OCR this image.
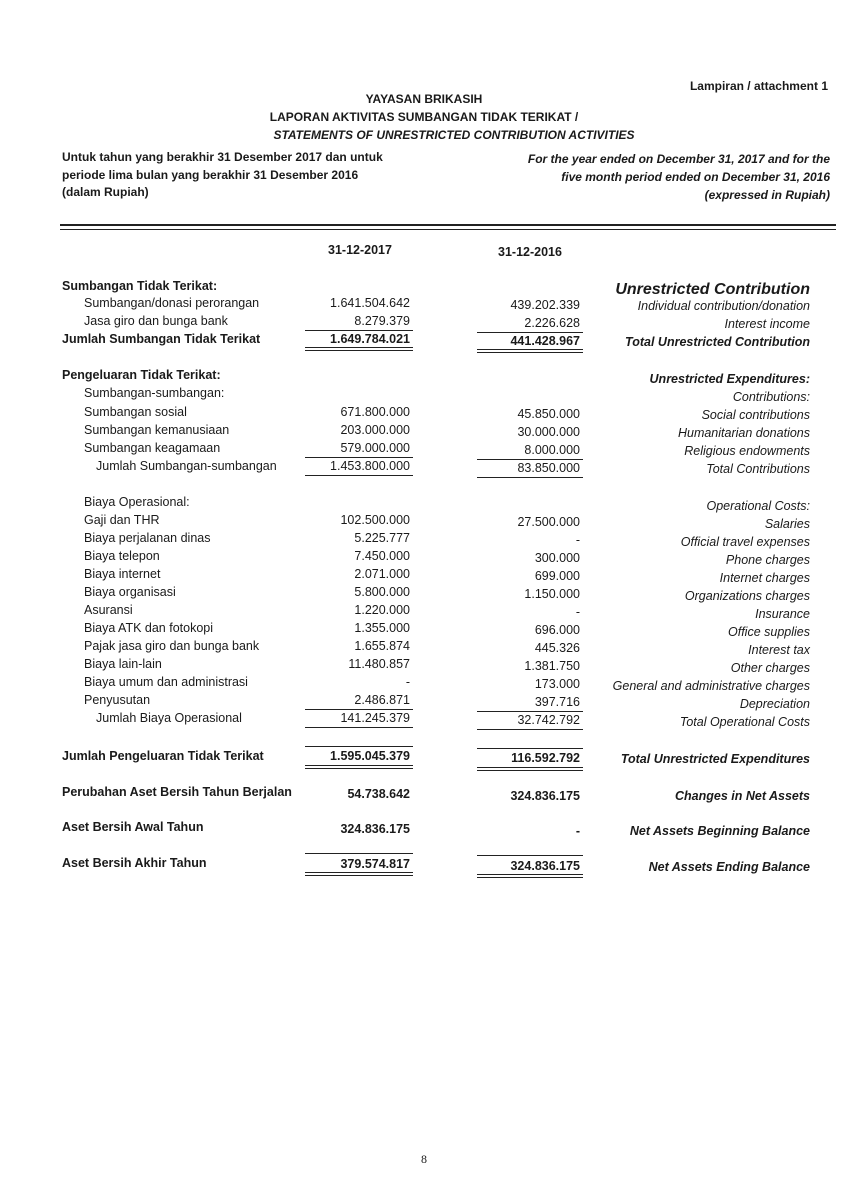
Lampiran / attachment 1
YAYASAN BRIKASIH
LAPORAN AKTIVITAS SUMBANGAN TIDAK TERIKAT /
STATEMENTS OF UNRESTRICTED CONTRIBUTION ACTIVITIES
Untuk tahun yang berakhir 31 Desember 2017 dan untuk
periode lima bulan yang berakhir 31 Desember 2016
(dalam Rupiah)
For the year ended on December 31, 2017 and for the
five month period ended on December 31, 2016
(expressed in Rupiah)
31-12-2017	31-12-2016
Sumbangan Tidak Terikat:	Unrestricted Contribution
Sumbangan/donasi perorangan	1.641.504.642	439.202.339	Individual contribution/donation
Jasa giro dan bunga bank	8.279.379	2.226.628	Interest income
Jumlah Sumbangan Tidak Terikat	1.649.784.021	441.428.967	Total Unrestricted Contribution
Pengeluaran Tidak Terikat:	Unrestricted Expenditures:
Sumbangan-sumbangan:	Contributions:
Sumbangan sosial	671.800.000	45.850.000	Social contributions
Sumbangan kemanusiaan	203.000.000	30.000.000	Humanitarian donations
Sumbangan keagamaan	579.000.000	8.000.000	Religious endowments
Jumlah Sumbangan-sumbangan	1.453.800.000	83.850.000	Total Contributions
Biaya Operasional:	Operational Costs:
Gaji dan THR	102.500.000	27.500.000	Salaries
Biaya perjalanan dinas	5.225.777	-	Official travel expenses
Biaya telepon	7.450.000	300.000	Phone charges
Biaya internet	2.071.000	699.000	Internet charges
Biaya organisasi	5.800.000	1.150.000	Organizations charges
Asuransi	1.220.000	-	Insurance
Biaya ATK dan fotokopi	1.355.000	696.000	Office supplies
Pajak jasa giro dan bunga bank	1.655.874	445.326	Interest tax
Biaya lain-lain	11.480.857	1.381.750	Other charges
Biaya umum dan administrasi	-	173.000	General and administrative charges
Penyusutan	2.486.871	397.716	Depreciation
Jumlah Biaya Operasional	141.245.379	32.742.792	Total Operational Costs
Jumlah Pengeluaran Tidak Terikat	1.595.045.379	116.592.792	Total Unrestricted Expenditures
Perubahan Aset Bersih Tahun Berjalan	54.738.642	324.836.175	Changes in Net Assets
Aset Bersih Awal Tahun	324.836.175	-	Net Assets Beginning Balance
Aset Bersih Akhir Tahun	379.574.817	324.836.175	Net Assets Ending Balance
8
